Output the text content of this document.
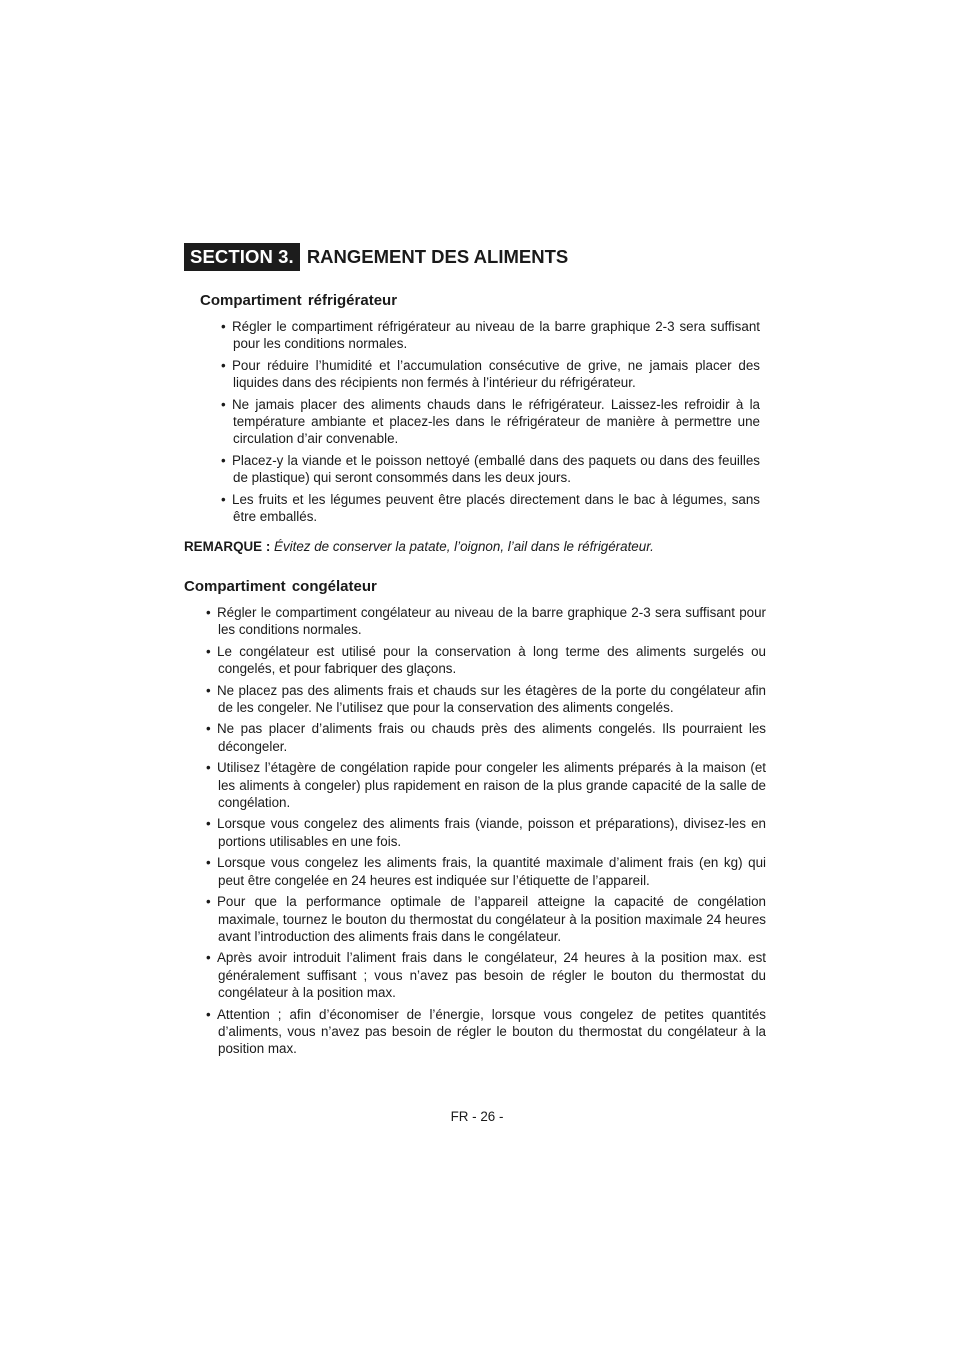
SECTION 3. RANGEMENT DES ALIMENTS
Compartiment réfrigérateur
• Régler le compartiment réfrigérateur au niveau de la barre graphique 2-3 sera suffisant pour les conditions normales.
• Pour réduire l’humidité et l’accumulation consécutive de grive, ne jamais placer des liquides dans des récipients non fermés à l’intérieur du réfrigérateur.
• Ne jamais placer des aliments chauds dans le réfrigérateur. Laissez-les refroidir à la température ambiante et placez-les dans le réfrigérateur de manière à permettre une circulation d’air convenable.
• Placez-y la viande et le poisson nettoyé (emballé dans des paquets ou dans des feuilles de plastique) qui seront consommés dans les deux jours.
• Les fruits et les légumes peuvent être placés directement dans le bac à légumes, sans être emballés.
REMARQUE : Évitez de conserver la patate, l’oignon, l’ail dans le réfrigérateur.
Compartiment congélateur
• Régler le compartiment congélateur au niveau de la barre graphique 2-3 sera suffisant pour les conditions normales.
• Le congélateur est utilisé pour la conservation à long terme des aliments surgelés ou congelés, et pour fabriquer des glaçons.
• Ne placez pas des aliments frais et chauds sur les étagères de la porte du congélateur afin de les congeler. Ne l’utilisez que pour la conservation des aliments congelés.
• Ne pas placer d’aliments frais ou chauds près des aliments congelés. Ils pourraient les décongeler.
• Utilisez l’étagère de congélation rapide pour congeler les aliments préparés à la maison (et les aliments à congeler) plus rapidement en raison de la plus grande capacité de la salle de congélation.
• Lorsque vous congelez des aliments frais (viande, poisson et préparations), divisez-les en portions utilisables en une fois.
• Lorsque vous congelez les aliments frais, la quantité maximale d’aliment frais (en kg) qui peut être congelée en 24 heures est indiquée sur l’étiquette de l’appareil.
• Pour que la performance optimale de l’appareil atteigne la capacité de congélation maximale, tournez le bouton du thermostat du congélateur à la position maximale 24 heures avant l’introduction des aliments frais dans le congélateur.
• Après avoir introduit l’aliment frais dans le congélateur, 24 heures à la position max. est généralement suffisant ; vous n’avez pas besoin de régler le bouton du thermostat du congélateur à la position max.
• Attention ; afin d’économiser de l’énergie, lorsque vous congelez de petites quantités d’aliments, vous n’avez pas besoin de régler le bouton du thermostat du congélateur à la position max.
FR - 26 -
